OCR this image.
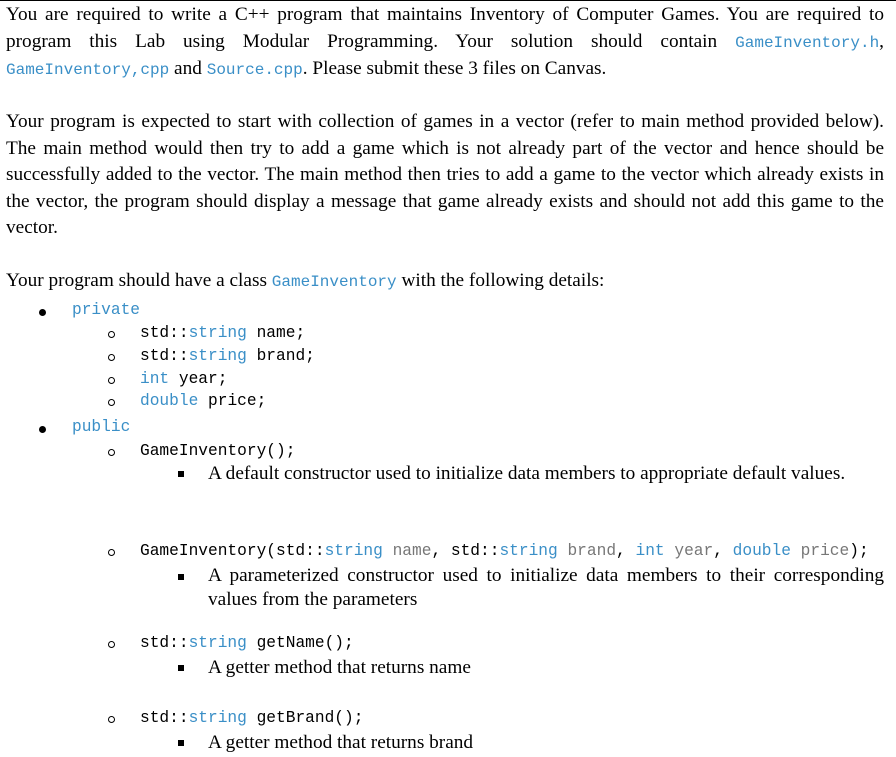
You are required to write a C++ program that maintains Inventory of Computer Games. You are required to program this Lab using Modular Programming. Your solution should contain GameInventory.h, GameInventory,cpp and Source.cpp. Please submit these 3 files on Canvas.
Your program is expected to start with collection of games in a vector (refer to main method provided below). The main method would then try to add a game which is not already part of the vector and hence should be successfully added to the vector. The main method then tries to add a game to the vector which already exists in the vector, the program should display a message that game already exists and should not add this game to the vector.
Your program should have a class GameInventory with the following details:
private
std::string name;
std::string brand;
int year;
double price;
public
GameInventory();
A default constructor used to initialize data members to appropriate default values.
GameInventory(std::string name, std::string brand, int year, double price);
A parameterized constructor used to initialize data members to their corresponding values from the parameters
std::string getName();
A getter method that returns name
std::string getBrand();
A getter method that returns brand
